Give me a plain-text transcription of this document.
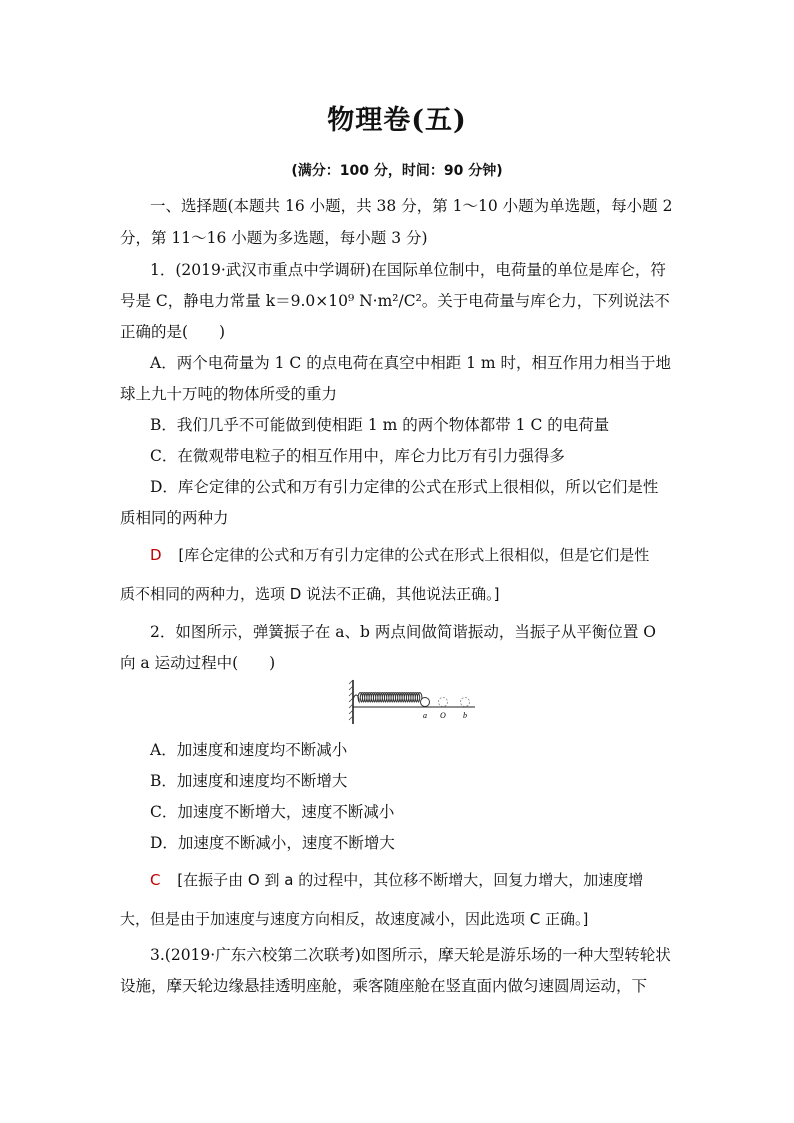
物理卷(五)
(满分：100 分，时间：90 分钟)
一、选择题(本题共 16 小题，共 38 分，第 1～10 小题为单选题，每小题 2
分，第 11～16 小题为多选题，每小题 3 分)
1．(2019·武汉市重点中学调研)在国际单位制中，电荷量的单位是库仑，符
号是 C，静电力常量 k＝9.0×10⁹ N·m²/C²。关于电荷量与库仑力，下列说法不
正确的是(　　)
A．两个电荷量为 1 C 的点电荷在真空中相距 1 m 时，相互作用力相当于地
球上九十万吨的物体所受的重力
B．我们几乎不可能做到使相距 1 m 的两个物体都带 1 C 的电荷量
C．在微观带电粒子的相互作用中，库仑力比万有引力强得多
D．库仑定律的公式和万有引力定律的公式在形式上很相似，所以它们是性
质相同的两种力
D [库仑定律的公式和万有引力定律的公式在形式上很相似，但是它们是性
质不相同的两种力，选项 D 说法不正确，其他说法正确。]
2．如图所示，弹簧振子在 a、b 两点间做简谐振动，当振子从平衡位置 O
向 a 运动过程中(　　)
a O b
A．加速度和速度均不断减小
B．加速度和速度均不断增大
C．加速度不断增大，速度不断减小
D．加速度不断减小，速度不断增大
C [在振子由 O 到 a 的过程中，其位移不断增大，回复力增大，加速度增
大，但是由于加速度与速度方向相反，故速度减小，因此选项 C 正确。]
3.(2019·广东六校第二次联考)如图所示，摩天轮是游乐场的一种大型转轮状
设施，摩天轮边缘悬挂透明座舱，乘客随座舱在竖直面内做匀速圆周运动，下
